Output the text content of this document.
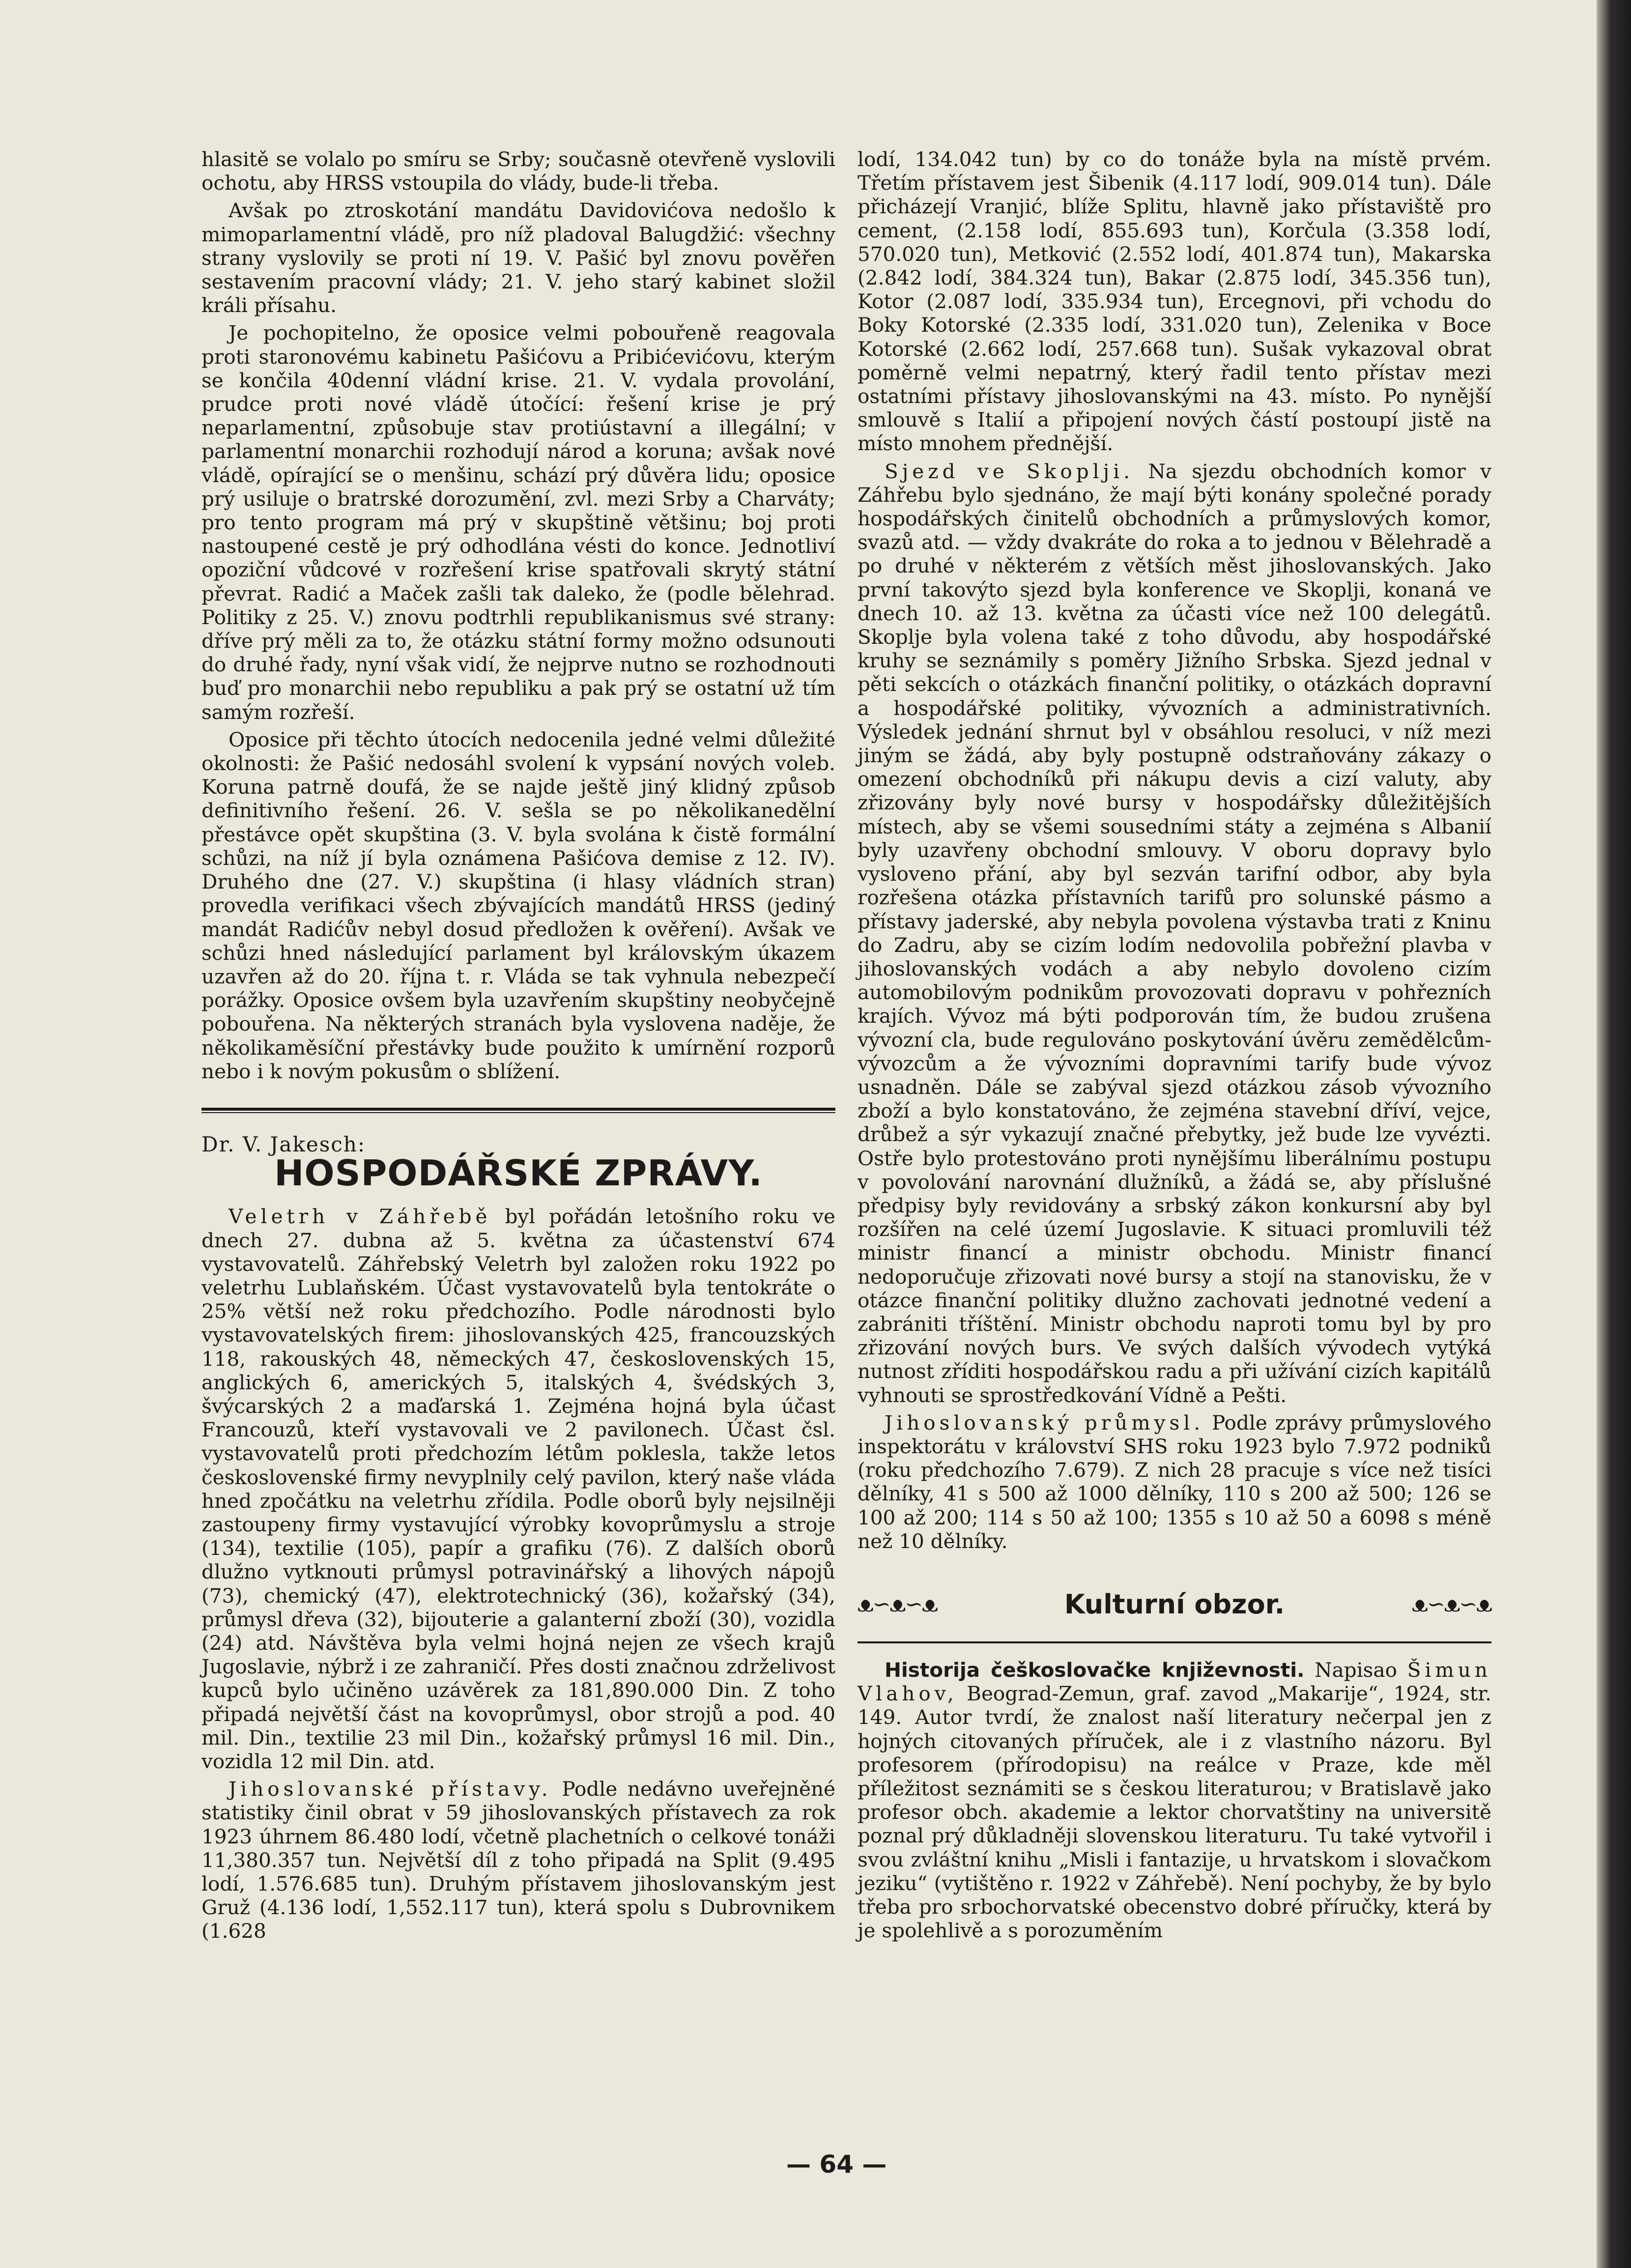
hlasitě se volalo po smíru se Srby; současně otevřeně vyslovili ochotu, aby HRSS vstoupila do vlády, bude-li třeba.

Avšak po ztroskotání mandátu Davidovićova nedošlo k mimoparlamentní vládě, pro níž pladoval Balugdžić: všechny strany vyslovily se proti ní 19. V. Pašić byl znovu pověřen sestavením pracovní vlády; 21. V. jeho starý kabinet složil králi přísahu.

Je pochopitelno, že oposice velmi pobouřeně reagovala proti staronovému kabinetu Pašićovu a Pribićevićovu, kterým se končila 40denní vládní krise. 21. V. vydala provolání, prudce proti nové vládě útočící: řešení krise je prý neparlamentní, způsobuje stav protiústavní a illegální; v parlamentní monarchii rozhodují národ a koruna; avšak nové vládě, opírající se o menšinu, schází prý důvěra lidu; oposice prý usiluje o bratrské dorozumění, zvl. mezi Srby a Charváty; pro tento program má prý v skupštině většinu; boj proti nastoupené cestě je prý odhodlána vésti do konce. Jednotliví opoziční vůdcové v rozřešení krise spatřovali skrytý státní převrat. Radić a Maček zašli tak daleko, že (podle bělehrad. Politiky z 25. V.) znovu podtrhli republikanismus své strany: dříve prý měli za to, že otázku státní formy možno odsunouti do druhé řady, nyní však vidí, že nejprve nutno se rozhodnouti buď pro monarchii nebo republiku a pak prý se ostatní už tím samým rozřeší.

Oposice při těchto útocích nedocenila jedné velmi důležité okolnosti: že Pašić nedosáhl svolení k vypsání nových voleb. Koruna patrně doufá, že se najde ještě jiný klidný způsob definitivního řešení. 26. V. sešla se po několikanedělní přestávce opět skupština (3. V. byla svolána k čistě formální schůzi, na níž jí byla oznámena Pašićova demise z 12. IV). Druhého dne (27. V.) skupština (i hlasy vládních stran) provedla verifikaci všech zbývajících mandátů HRSS (jediný mandát Radićův nebyl dosud předložen k ověření). Avšak ve schůzi hned následující parlament byl královským úkazem uzavřen až do 20. října t. r. Vláda se tak vyhnula nebezpečí porážky. Oposice ovšem byla uzavřením skupštiny neobyčejně pobouřena. Na některých stranách byla vyslovena naděje, že několikaměsíční přestávky bude použito k umírnění rozporů nebo i k novým pokusům o sblížení.

Dr. V. Jakesch:
HOSPODÁŘSKÉ ZPRÁVY.

Veletrh v Záhřebě byl pořádán letošního roku ve dnech 27. dubna až 5. května za účastenství 674 vystavovatelů. Záhřebský Veletrh byl založen roku 1922 po veletrhu Lublaňském. Účast vystavovatelů byla tentokráte o 25% větší než roku předchozího. Podle národnosti bylo vystavovatelských firem: jihoslovanských 425, francouzských 118, rakouských 48, německých 47, československých 15, anglických 6, amerických 5, italských 4, švédských 3, švýcarských 2 a maďarská 1. Zejména hojná byla účast Francouzů, kteří vystavovali ve 2 pavilonech. Účast čsl. vystavovatelů proti předchozím létům poklesla, takže letos československé firmy nevyplnily celý pavilon, který naše vláda hned zpočátku na veletrhu zřídila. Podle oborů byly nejsilněji zastoupeny firmy vystavující výrobky kovoprůmyslu a stroje (134), textilie (105), papír a grafiku (76). Z dalších oborů dlužno vytknouti průmysl potravinářský a lihových nápojů (73), chemický (47), elektrotechnický (36), kožařský (34), průmysl dřeva (32), bijouterie a galanterní zboží (30), vozidla (24) atd. Návštěva byla velmi hojná nejen ze všech krajů Jugoslavie, nýbrž i ze zahraničí. Přes dosti značnou zdrželivost kupců bylo učiněno uzávěrek za 181,890.000 Din. Z toho připadá největší část na kovoprůmysl, obor strojů a pod. 40 mil. Din., textilie 23 mil Din., kožařský průmysl 16 mil. Din., vozidla 12 mil Din. atd.

Jihoslovanské přístavy. Podle nedávno uveřejněné statistiky činil obrat v 59 jihoslovanských přístavech za rok 1923 úhrnem 86.480 lodí, včetně plachetních o celkové tonáži 11,380.357 tun. Největší díl z toho připadá na Split (9.495 lodí, 1.576.685 tun). Druhým přístavem jihoslovanským jest Gruž (4.136 lodí, 1,552.117 tun), která spolu s Dubrovnikem (1.628

lodí, 134.042 tun) by co do tonáže byla na místě prvém. Třetím přístavem jest Šibenik (4.117 lodí, 909.014 tun). Dále přicházejí Vranjić, blíže Splitu, hlavně jako přístaviště pro cement, (2.158 lodí, 855.693 tun), Korčula (3.358 lodí, 570.020 tun), Metković (2.552 lodí, 401.874 tun), Makarska (2.842 lodí, 384.324 tun), Bakar (2.875 lodí, 345.356 tun), Kotor (2.087 lodí, 335.934 tun), Ercegnovi, při vchodu do Boky Kotorské (2.335 lodí, 331.020 tun), Zelenika v Boce Kotorské (2.662 lodí, 257.668 tun). Sušak vykazoval obrat poměrně velmi nepatrný, který řadil tento přístav mezi ostatními přístavy jihoslovanskými na 43. místo. Po nynější smlouvě s Italií a připojení nových částí postoupí jistě na místo mnohem přednější.

Sjezd ve Skoplji. Na sjezdu obchodních komor v Záhřebu bylo sjednáno, že mají býti konány společné porady hospodářských činitelů obchodních a průmyslových komor, svazů atd. — vždy dvakráte do roka a to jednou v Bělehradě a po druhé v některém z větších měst jihoslovanských. Jako první takovýto sjezd byla konference ve Skoplji, konaná ve dnech 10. až 13. května za účasti více než 100 delegátů. Skoplje byla volena také z toho důvodu, aby hospodářské kruhy se seznámily s poměry Jižního Srbska. Sjezd jednal v pěti sekcích o otázkách finanční politiky, o otázkách dopravní a hospodářské politiky, vývozních a administrativních. Výsledek jednání shrnut byl v obsáhlou resoluci, v níž mezi jiným se žádá, aby byly postupně odstraňovány zákazy o omezení obchodníků při nákupu devis a cizí valuty, aby zřizovány byly nové bursy v hospodářsky důležitějších místech, aby se všemi sousedními státy a zejména s Albanií byly uzavřeny obchodní smlouvy. V oboru dopravy bylo vysloveno přání, aby byl sezván tarifní odbor, aby byla rozřešena otázka přístavních tarifů pro solunské pásmo a přístavy jaderské, aby nebyla povolena výstavba trati z Kninu do Zadru, aby se cizím lodím nedovolila pobřežní plavba v jihoslovanských vodách a aby nebylo dovoleno cizím automobilovým podnikům provozovati dopravu v pohřezních krajích. Vývoz má býti podporován tím, že budou zrušena vývozní cla, bude regulováno poskytování úvěru zemědělcům-vývozcům a že vývozními dopravními tarify bude vývoz usnadněn. Dále se zabýval sjezd otázkou zásob vývozního zboží a bylo konstatováno, že zejména stavební dříví, vejce, drůbež a sýr vykazují značné přebytky, jež bude lze vyvézti. Ostře bylo protestováno proti nynějšímu liberálnímu postupu v povolování narovnání dlužníků, a žádá se, aby příslušné předpisy byly revidovány a srbský zákon konkursní aby byl rozšířen na celé území Jugoslavie. K situaci promluvili též ministr financí a ministr obchodu. Ministr financí nedoporučuje zřizovati nové bursy a stojí na stanovisku, že v otázce finanční politiky dlužno zachovati jednotné vedení a zabrániti tříštění. Ministr obchodu naproti tomu byl by pro zřizování nových burs. Ve svých dalších vývodech vytýká nutnost zříditi hospodářskou radu a při užívání cizích kapitálů vyhnouti se sprostředkování Vídně a Pešti.

Jihoslovanský průmysl. Podle zprávy průmyslového inspektorátu v království SHS roku 1923 bylo 7.972 podniků (roku předchozího 7.679). Z nich 28 pracuje s více než tisíci dělníky, 41 s 500 až 1000 dělníky, 110 s 200 až 500; 126 se 100 až 200; 114 s 50 až 100; 1355 s 10 až 50 a 6098 s méně než 10 dělníky.

ᴥ∽ᴥ∽ᴥ	Kulturní obzor.	ᴥ∽ᴥ∽ᴥ

Historija češkoslovačke književnosti. Napisao Šimun Vlahov, Beograd-Zemun, graf. zavod „Makarije“, 1924, str. 149. Autor tvrdí, že znalost naší literatury nečerpal jen z hojných citovaných příruček, ale i z vlastního názoru. Byl profesorem (přírodopisu) na reálce v Praze, kde měl příležitost seznámiti se s českou literaturou; v Bratislavě jako profesor obch. akademie a lektor chorvatštiny na universitě poznal prý důkladněji slovenskou literaturu. Tu také vytvořil i svou zvláštní knihu „Misli i fantazije, u hrvatskom i slovačkom jeziku“ (vytištěno r. 1922 v Záhřebě). Není pochyby, že by bylo třeba pro srbochorvatské obecenstvo dobré příručky, která by je spolehlivě a s porozuměním

— 64 —
